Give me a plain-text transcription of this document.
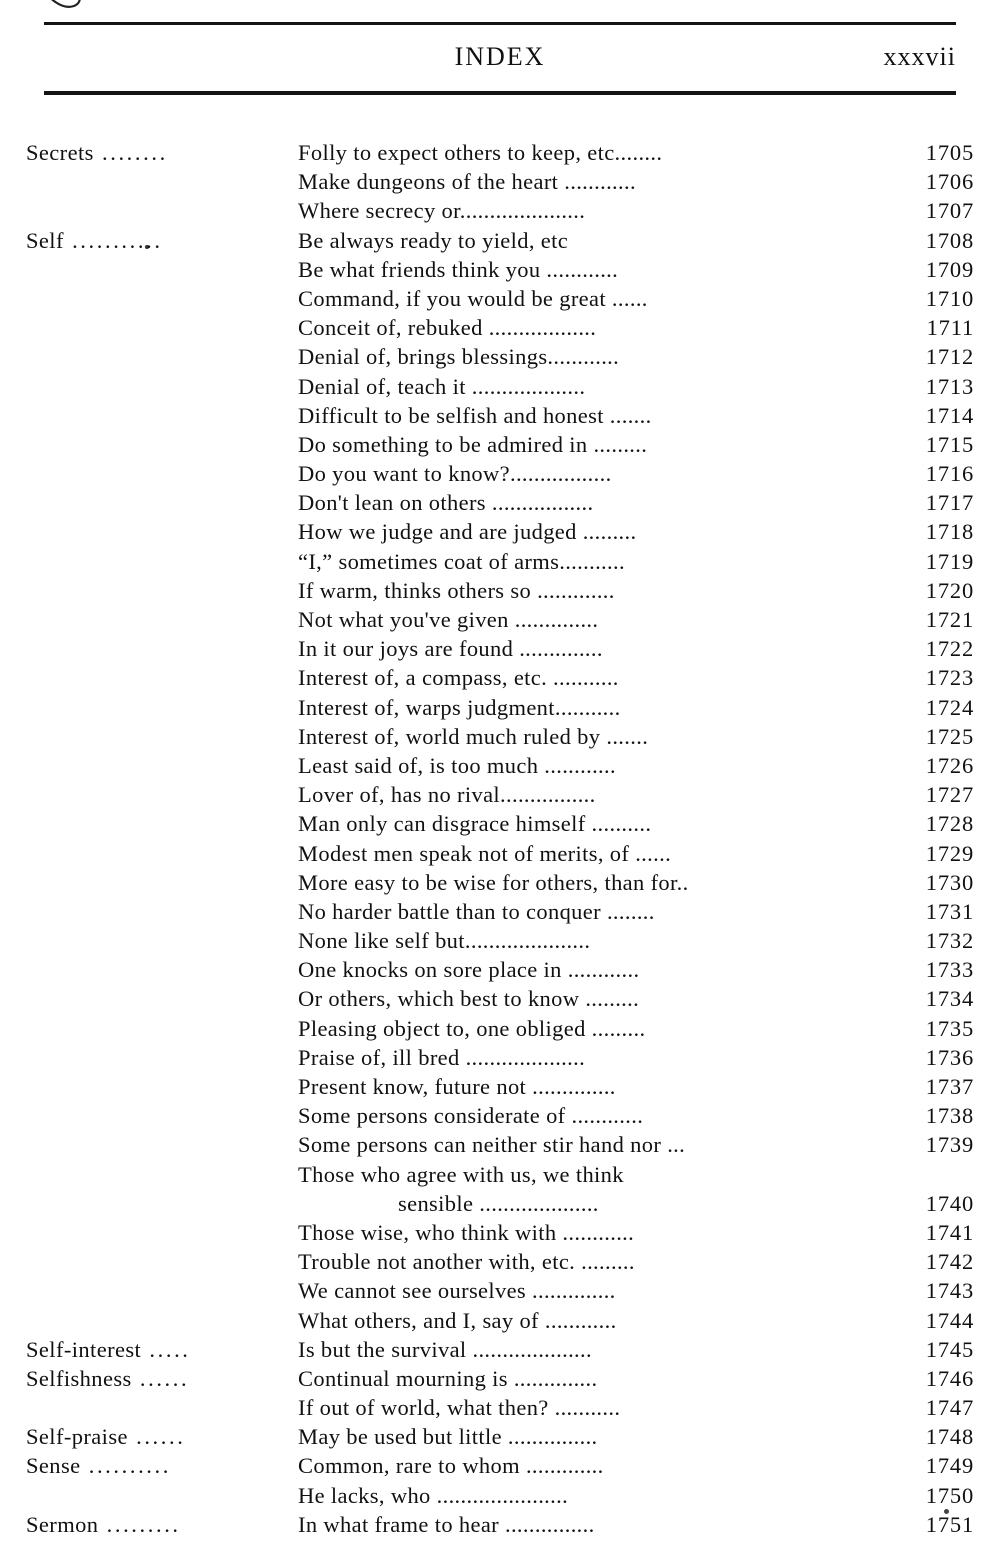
INDEX	xxxvii
Secrets ........	Folly to expect others to keep, etc........	1705
Make dungeons of the heart ............	1706
Where secrecy or.....................	1707
Self ...........	Be always ready to yield, etc	1708
Be what friends think you ............	1709
Command, if you would be great ......	1710
Conceit of, rebuked ..................	1711
Denial of, brings blessings............	1712
Denial of, teach it ...................	1713
Difficult to be selfish and honest .......	1714
Do something to be admired in .........	1715
Do you want to know?.................	1716
Don't lean on others .................	1717
How we judge and are judged .........	1718
“I,” sometimes coat of arms...........	1719
If warm, thinks others so .............	1720
Not what you've given ..............	1721
In it our joys are found ..............	1722
Interest of, a compass, etc. ...........	1723
Interest of, warps judgment...........	1724
Interest of, world much ruled by .......	1725
Least said of, is too much ............	1726
Lover of, has no rival................	1727
Man only can disgrace himself ..........	1728
Modest men speak not of merits, of ......	1729
More easy to be wise for others, than for..	1730
No harder battle than to conquer ........	1731
None like self but.....................	1732
One knocks on sore place in ............	1733
Or others, which best to know .........	1734
Pleasing object to, one obliged .........	1735
Praise of, ill bred ....................	1736
Present know, future not ..............	1737
Some persons considerate of ............	1738
Some persons can neither stir hand nor ...	1739
Those who agree with us, we think
sensible ....................	1740
Those wise, who think with ............	1741
Trouble not another with, etc. .........	1742
We cannot see ourselves ..............	1743
What others, and I, say of ............	1744
Self-interest .....	Is but the survival ....................	1745
Selfishness ......	Continual mourning is ..............	1746
If out of world, what then? ...........	1747
Self-praise ......	May be used but little ...............	1748
Sense ..........	Common, rare to whom .............	1749
He lacks, who ......................	1750
Sermon .........	In what frame to hear ...............	1751
